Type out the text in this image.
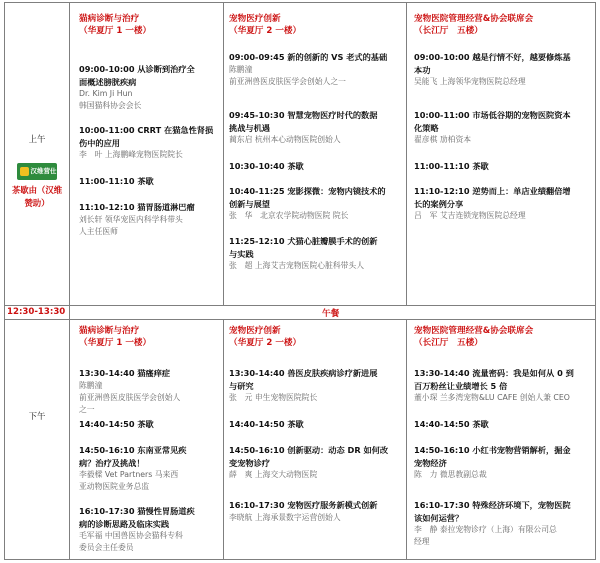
上午
汉维营仕
茶歇由（汉维
赞助）
猫病诊断与治疗
（华夏厅 1 一楼）
09:00-10:00 从诊断到治疗全
面概述膀胱疾病
Dr. Kim Ji Hun
韩国猫科协会会长
10:00-11:00 CRRT 在猫急性肾损
伤中的应用
李　叶 上海鹏峰宠物医院院长
11:00-11:10 茶歇
11:10-12:10 猫胃肠道淋巴瘤
刘长轩 领华宠医内科学科带头
人主任医师
宠物医疗创新
（华夏厅 2 一楼）
09:00-09:45 新的创新的 VS 老式的基础
陈鹏潼
前亚洲兽医皮肤医学会创始人之一
09:45-10:30 智慧宠物医疗时代的数据
挑战与机遇
蔺东启 杭州本心动物医院创始人
10:30-10:40 茶歇
10:40-11:25 宠影探微：宠物内镜技术的
创新与展望
张　华　北京农学院动物医院 院长
11:25-12:10 犬猫心脏瓣膜手术的创新
与实践
张　超 上海艾吉宠物医院心脏科带头人
宠物医院管理经营&协会联席会
（长江厅　五楼）
09:00-10:00 越是行情不好，越要修炼基
本功
吴能飞 上海领华宠物医院总经理
10:00-11:00 市场低谷期的宠物医院资本
化策略
翟彦棋 劢柏资本
11:00-11:10 茶歇
11:10-12:10 逆势而上：单店业绩翻倍增
长的案例分享
吕　军 艾吉连锁宠物医院总经理
12:30-13:30	午餐
下午
猫病诊断与治疗
（华夏厅 1 一楼）
13:30-14:40 猫瘙痒症
陈鹏潼
前亚洲兽医皮肤医学会创始人
之一
14:40-14:50 茶歇
14:50-16:10 东南亚常见疾
病？治疗及挑战！
李毅樑 Vet Partners 马来西
亚动物医院业务总监
16:10-17:30 猫慢性胃肠道疾
病的诊断思路及临床实践
毛军福 中国兽医协会猫科专科
委员会主任委员
宠物医疗创新
（华夏厅 2 一楼）
13:30-14:40 兽医皮肤疾病诊疗新进展
与研究
张　元 申生宠物医院院长
14:40-14:50 茶歇
14:50-16:10 创新驱动：动态 DR 如何改
变宠物诊疗
薛　爽 上海交大动物医院
16:10-17:30 宠物医疗服务新模式创新
李晓航 上海承景数字运营创始人
宠物医院管理经营&协会联席会
（长江厅　五楼）
13:30-14:40 流量密码：我是如何从 0 到
百万粉丝让业绩增长 5 倍
董小琛 兰多湾宠物&LU CAFE 创始人兼 CEO
14:40-14:50 茶歇
14:50-16:10 小红书宠物营销解析，掘金
宠物经济
陈　力 微思教副总裁
16:10-17:30 特殊经济环境下，宠物医院
该如何运营？
李　静 泰拉宠物诊疗（上海）有限公司总
经理
